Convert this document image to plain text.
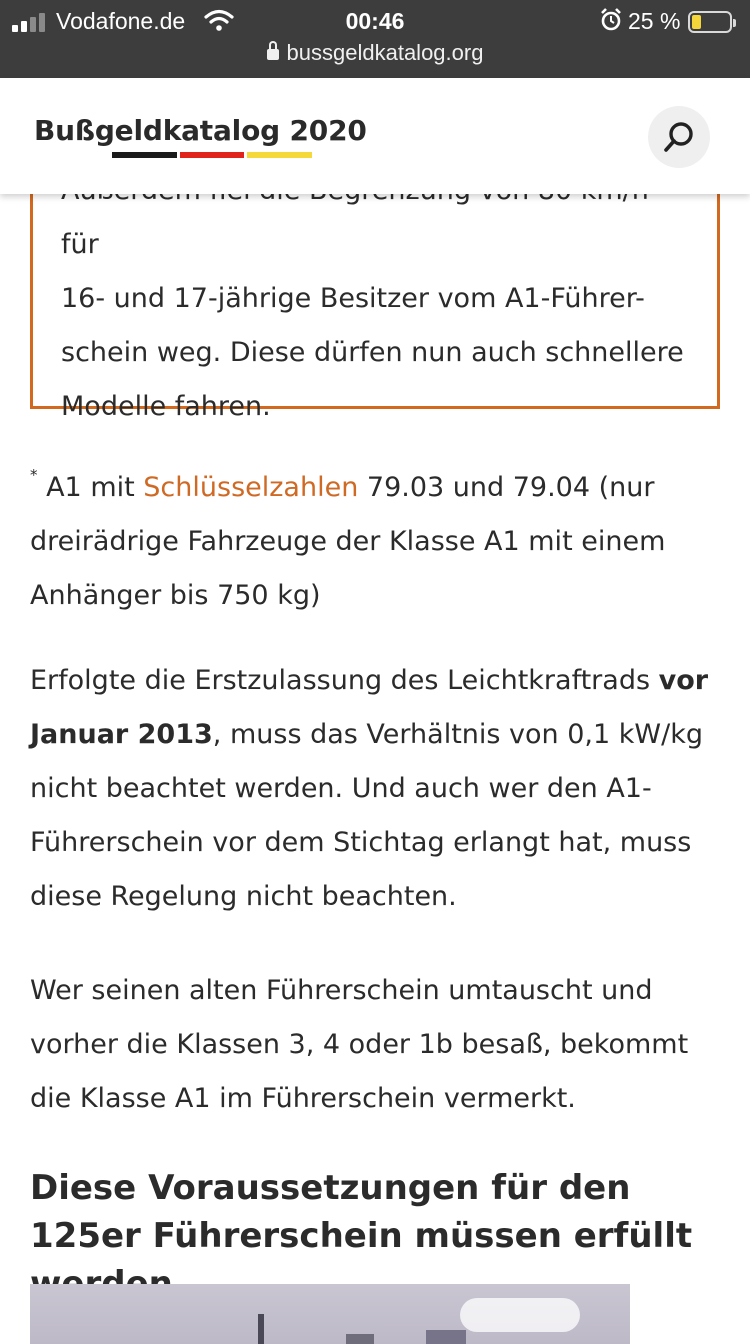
Vodafone.de	00:46	25 %
bussgeldkatalog.org
Bußgeldkatalog 2020
für
16- und 17-jährige Besitzer vom A1-Führer-
schein weg. Diese dürfen nun auch schnellere
Modelle fahren.

* A1 mit Schlüsselzahlen 79.03 und 79.04 (nur dreirädrige Fahrzeuge der Klasse A1 mit einem Anhänger bis 750 kg)

Erfolgte die Erstzulassung des Leichtkraftrads vor Januar 2013, muss das Verhältnis von 0,1 kW/kg nicht beachtet werden. Und auch wer den A1-Führerschein vor dem Stichtag erlangt hat, muss diese Regelung nicht beachten.

Wer seinen alten Führerschein umtauscht und vorher die Klassen 3, 4 oder 1b besaß, bekommt die Klasse A1 im Führerschein vermerkt.

Diese Voraussetzungen für den 125er Führerschein müssen erfüllt
